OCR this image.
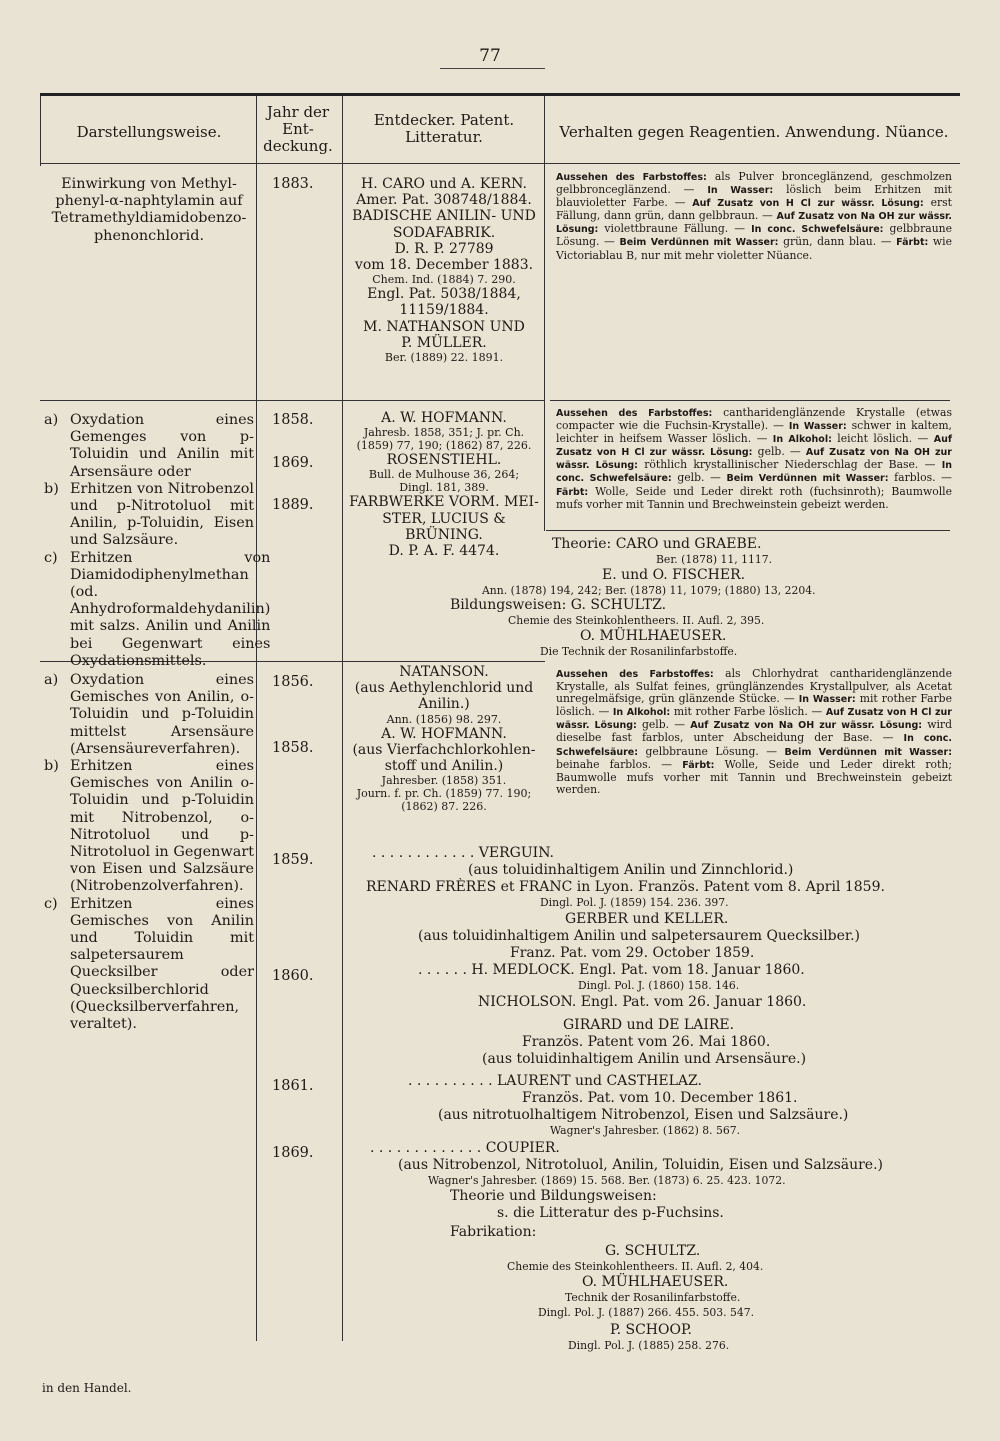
77
Darstellungsweise.
Jahr der
Ent-
deckung.
Entdecker. Patent.
Litteratur.	Verhalten gegen Reagentien. Anwendung. Nüance.
Einwirkung von Methyl-
phenyl-α-naphtylamin auf
Tetramethyldiamidobenzo-
phenonchlorid.
1883.	H. CARO und A. KERN.
Amer. Pat. 308748/1884.
BADISCHE ANILIN- UND
SODAFABRIK.
D. R. P. 27789
vom 18. December 1883.
Chem. Ind. (1884) 7. 290.
Engl. Pat. 5038/1884,
11159/1884.
M. NATHANSON UND
P. MÜLLER.
Ber. (1889) 22. 1891.
Aussehen des Farbstoffes: als Pulver bronceglänzend, geschmolzen gelbbronceglänzend. — In Wasser: löslich beim Erhitzen mit blauvioletter Farbe. — Auf Zusatz von H Cl zur wässr. Lösung: erst Fällung, dann grün, dann gelbbraun. — Auf Zusatz von Na OH zur wässr. Lösung: violettbraune Fällung. — In conc. Schwefelsäure: gelbbraune Lösung. — Beim Verdünnen mit Wasser: grün, dann blau. — Färbt: wie Victoriablau B, nur mit mehr violetter Nüance.
a) Oxydation eines Gemenges von p-Toluidin und Anilin mit Arsensäure oder
b) Erhitzen von Nitrobenzol und p-Nitrotoluol mit Anilin, p-Toluidin, Eisen und Salzsäure.
c) Erhitzen von Diamidodiphenylmethan (od. Anhydroformaldehydanilin) mit salzs. Anilin und Anilin bei Gegenwart eines Oxydationsmittels.
1858.
1869.
1889.
A. W. HOFMANN.
Jahresb. 1858, 351; J. pr. Ch.
(1859) 77, 190; (1862) 87, 226.
ROSENSTIEHL.
Bull. de Mulhouse 36, 264;
Dingl. 181, 389.
FARBWERKE VORM. MEI-
STER, LUCIUS & BRÜNING.
D. P. A. F. 4474.
Aussehen des Farbstoffes: cantharidenglänzende Krystalle (etwas compacter wie die Fuchsin-Krystalle). — In Wasser: schwer in kaltem, leichter in heifsem Wasser löslich. — In Alkohol: leicht löslich. — Auf Zusatz von H Cl zur wässr. Lösung: gelb. — Auf Zusatz von Na OH zur wässr. Lösung: röthlich krystallinischer Niederschlag der Base. — In conc. Schwefelsäure: gelb. — Beim Verdünnen mit Wasser: farblos. — Färbt: Wolle, Seide und Leder direkt roth (fuchsinroth); Baumwolle mufs vorher mit Tannin und Brechweinstein gebeizt werden.
Theorie: CARO und GRAEBE.
Ber. (1878) 11, 1117.
E. und O. FISCHER.
Ann. (1878) 194, 242; Ber. (1878) 11, 1079; (1880) 13, 2204.
Bildungsweisen: G. SCHULTZ.
Chemie des Steinkohlentheers. II. Aufl. 2, 395.
O. MÜHLHAEUSER.
Die Technik der Rosanilinfarbstoffe.
a) Oxydation eines Gemisches von Anilin, o-Toluidin und p-Toluidin mittelst Arsensäure (Arsensäureverfahren).
b) Erhitzen eines Gemisches von Anilin o-Toluidin und p-Toluidin mit Nitrobenzol, o-Nitrotoluol und p-Nitrotoluol in Gegenwart von Eisen und Salzsäure (Nitrobenzolverfahren).
c) Erhitzen eines Gemisches von Anilin und Toluidin mit salpetersaurem Quecksilber oder Quecksilberchlorid (Quecksilberverfahren, veraltet).
1856.
1858.
1859.
1860.
1861.
1869.
NATANSON.
(aus Aethylenchlorid und
Anilin.)
Ann. (1856) 98. 297.
A. W. HOFMANN.
(aus Vierfachchlorkohlen-
stoff und Anilin.)
Jahresber. (1858) 351.
Journ. f. pr. Ch. (1859) 77. 190;
(1862) 87. 226.
Aussehen des Farbstoffes: als Chlorhydrat cantharidenglänzende Krystalle, als Sulfat feines, grünglänzendes Krystallpulver, als Acetat unregelmäfsige, grün glänzende Stücke. — In Wasser: mit rother Farbe löslich. — In Alkohol: mit rother Farbe löslich. — Auf Zusatz von H Cl zur wässr. Lösung: gelb. — Auf Zusatz von Na OH zur wässr. Lösung: wird dieselbe fast farblos, unter Abscheidung der Base. — In conc. Schwefelsäure: gelbbraune Lösung. — Beim Verdünnen mit Wasser: beinahe farblos. — Färbt: Wolle, Seide und Leder direkt roth; Baumwolle mufs vorher mit Tannin und Brechweinstein gebeizt werden.
. . . . . . . . . . . . VERGUIN.
(aus toluidinhaltigem Anilin und Zinnchlorid.)
RENARD FRÈRES et FRANC in Lyon. Französ. Patent vom 8. April 1859.
Dingl. Pol. J. (1859) 154. 236. 397.
GERBER und KELLER.
(aus toluidinhaltigem Anilin und salpetersaurem Quecksilber.)
Franz. Pat. vom 29. October 1859.
. . . . . . H. MEDLOCK. Engl. Pat. vom 18. Januar 1860.
Dingl. Pol. J. (1860) 158. 146.
NICHOLSON. Engl. Pat. vom 26. Januar 1860.
GIRARD und DE LAIRE.
Französ. Patent vom 26. Mai 1860.
(aus toluidinhaltigem Anilin und Arsensäure.)
. . . . . . . . . . LAURENT und CASTHELAZ.
Französ. Pat. vom 10. December 1861.
(aus nitrotuolhaltigem Nitrobenzol, Eisen und Salzsäure.)
Wagner's Jahresber. (1862) 8. 567.
. . . . . . . . . . . . . COUPIER.
(aus Nitrobenzol, Nitrotoluol, Anilin, Toluidin, Eisen und Salzsäure.)
Wagner's Jahresber. (1869) 15. 568. Ber. (1873) 6. 25. 423. 1072.
Theorie und Bildungsweisen:
s. die Litteratur des p-Fuchsins.
Fabrikation:
G. SCHULTZ.
Chemie des Steinkohlentheers. II. Aufl. 2, 404.
O. MÜHLHAEUSER.
Technik der Rosanilinfarbstoffe.
Dingl. Pol. J. (1887) 266. 455. 503. 547.
P. SCHOOP.
Dingl. Pol. J. (1885) 258. 276.
in den Handel.
